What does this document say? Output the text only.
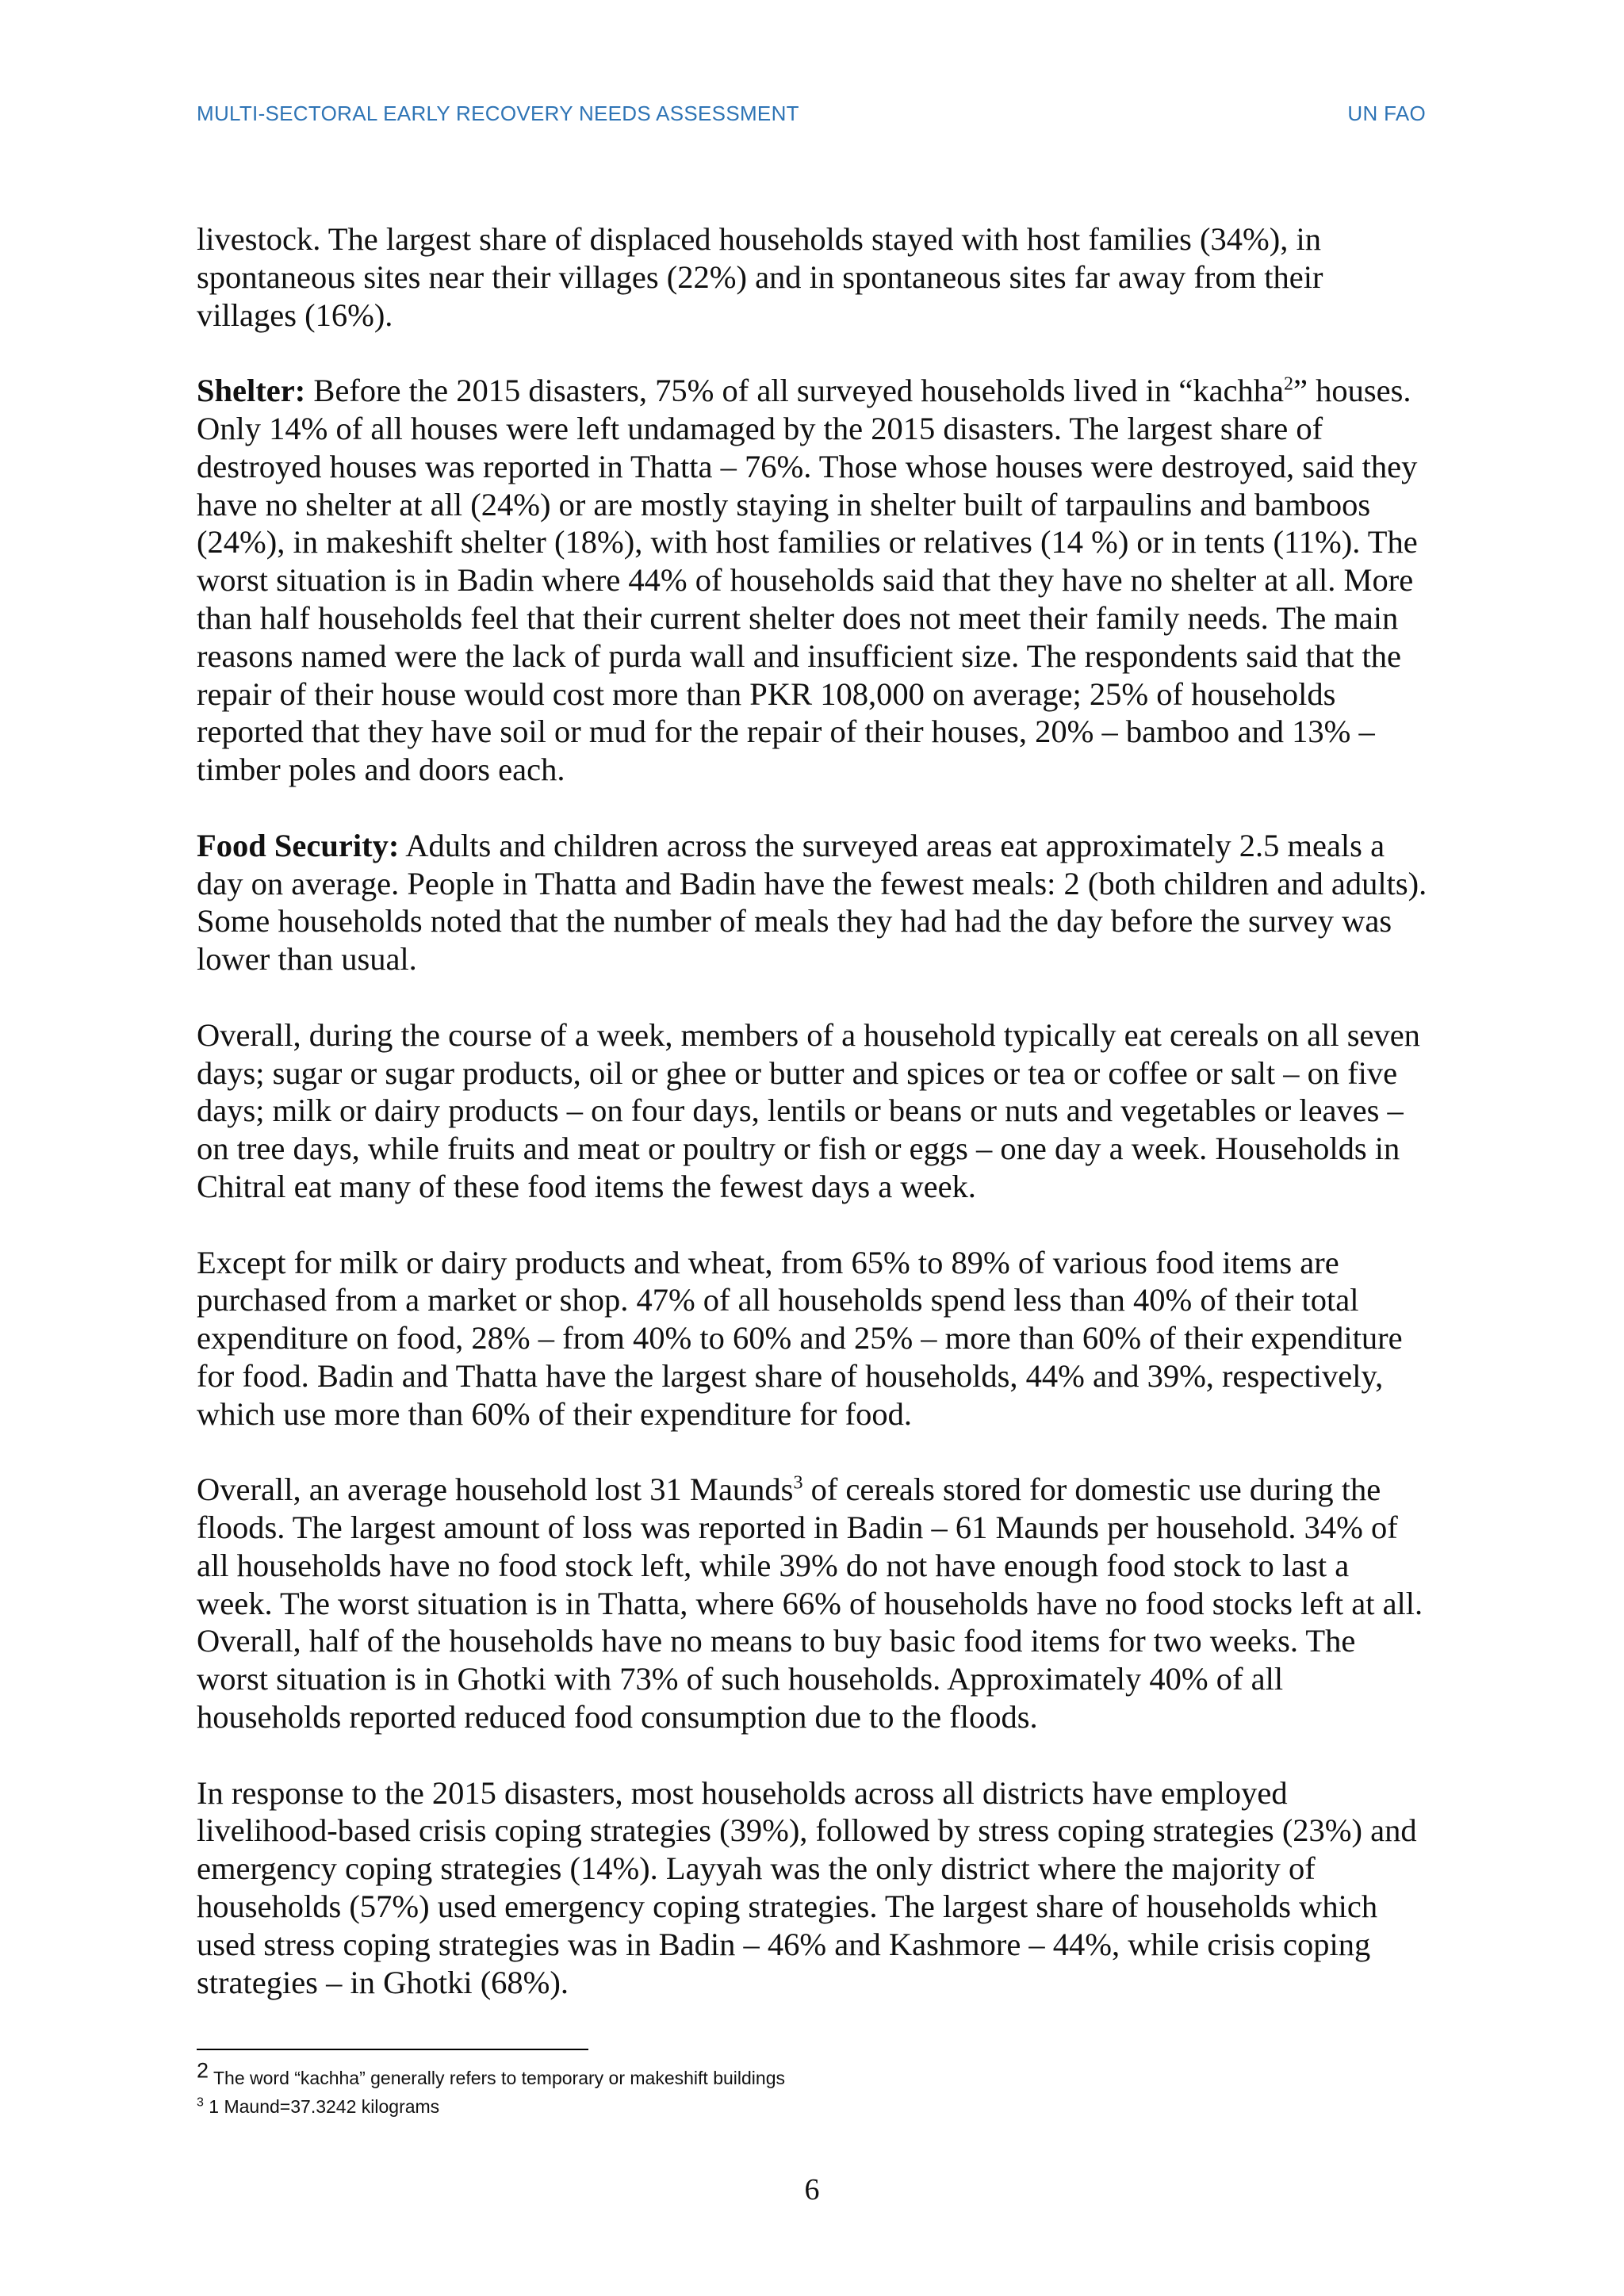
MULTI-SECTORAL EARLY RECOVERY NEEDS ASSESSMENT	UN FAO

livestock. The largest share of displaced households stayed with host families (34%), in spontaneous sites near their villages (22%) and in spontaneous sites far away from their villages (16%).

Shelter: Before the 2015 disasters, 75% of all surveyed households lived in “kachha$^2$” houses. Only 14% of all houses were left undamaged by the 2015 disasters. The largest share of destroyed houses was reported in Thatta – 76%. Those whose houses were destroyed, said they have no shelter at all (24%) or are mostly staying in shelter built of tarpaulins and bamboos (24%), in makeshift shelter (18%), with host families or relatives (14 %) or in tents (11%). The worst situation is in Badin where 44% of households said that they have no shelter at all. More than half households feel that their current shelter does not meet their family needs. The main reasons named were the lack of purda wall and insufficient size. The respondents said that the repair of their house would cost more than PKR 108,000 on average; 25% of households reported that they have soil or mud for the repair of their houses, 20% – bamboo and 13% – timber poles and doors each.

Food Security: Adults and children across the surveyed areas eat approximately 2.5 meals a day on average. People in Thatta and Badin have the fewest meals: 2 (both children and adults). Some households noted that the number of meals they had had the day before the survey was lower than usual.

Overall, during the course of a week, members of a household typically eat cereals on all seven days; sugar or sugar products, oil or ghee or butter and spices or tea or coffee or salt – on five days; milk or dairy products – on four days, lentils or beans or nuts and vegetables or leaves – on tree days, while fruits and meat or poultry or fish or eggs – one day a week. Households in Chitral eat many of these food items the fewest days a week.

Except for milk or dairy products and wheat, from 65% to 89% of various food items are purchased from a market or shop. 47% of all households spend less than 40% of their total expenditure on food, 28% – from 40% to 60% and 25% – more than 60% of their expenditure for food. Badin and Thatta have the largest share of households, 44% and 39%, respectively, which use more than 60% of their expenditure for food.

Overall, an average household lost 31 Maunds$^3$ of cereals stored for domestic use during the floods. The largest amount of loss was reported in Badin – 61 Maunds per household. 34% of all households have no food stock left, while 39% do not have enough food stock to last a week. The worst situation is in Thatta, where 66% of households have no food stocks left at all. Overall, half of the households have no means to buy basic food items for two weeks. The worst situation is in Ghotki with 73% of such households. Approximately 40% of all households reported reduced food consumption due to the floods.

In response to the 2015 disasters, most households across all districts have employed livelihood-based crisis coping strategies (39%), followed by stress coping strategies (23%) and emergency coping strategies (14%). Layyah was the only district where the majority of households (57%) used emergency coping strategies. The largest share of households which used stress coping strategies was in Badin – 46% and Kashmore – 44%, while crisis coping strategies – in Ghotki (68%).

2 The word “kachha” generally refers to temporary or makeshift buildings

$^3$ 1 Maund=37.3242 kilograms

6
